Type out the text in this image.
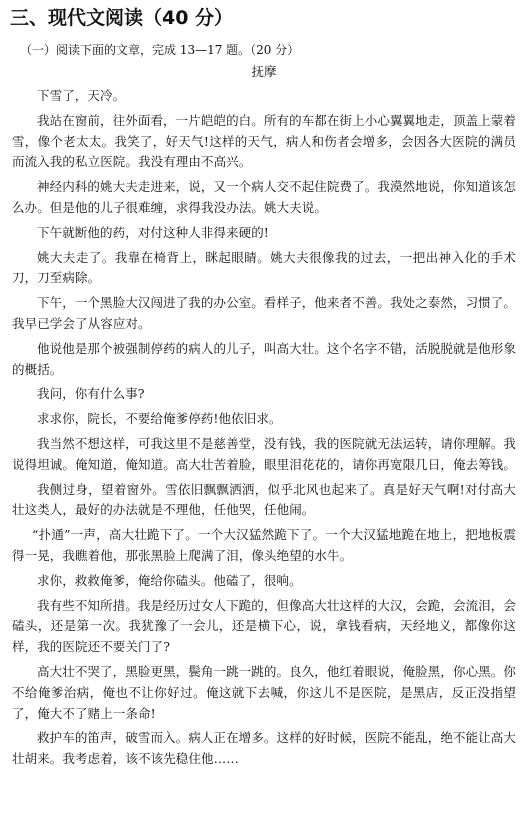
三、现代文阅读（40 分）
（一）阅读下面的文章，完成 13—17 题。（20 分）
抚摩

下雪了，天冷。

我站在窗前，往外面看，一片皑皑的白。所有的车都在街上小心翼翼地走，顶盖上蒙着雪，像个老太太。我笑了，好天气!这样的天气，病人和伤者会增多，会因各大医院的满员而流入我的私立医院。我没有理由不高兴。

神经内科的姚大夫走进来，说，又一个病人交不起住院费了。我漠然地说，你知道该怎么办。但是他的儿子很难缠，求得我没办法。姚大夫说。

下午就断他的药，对付这种人非得来硬的!

姚大夫走了。我靠在椅背上，眯起眼睛。姚大夫很像我的过去，一把出神入化的手术刀，刀至病除。

下午，一个黑脸大汉闯进了我的办公室。看样子，他来者不善。我处之泰然，习惯了。我早已学会了从容应对。

他说他是那个被强制停药的病人的儿子，叫高大壮。这个名字不错，活脱脱就是他形象的概括。

我问，你有什么事?

求求你，院长，不要给俺爹停药!他依旧求。

我当然不想这样，可我这里不是慈善堂，没有钱，我的医院就无法运转，请你理解。我说得坦诚。俺知道，俺知道。高大壮苦着脸，眼里泪花花的，请你再宽限几日，俺去筹钱。

我侧过身，望着窗外。雪依旧飘飘洒洒，似乎北风也起来了。真是好天气啊!对付高大壮这类人，最好的办法就是不理他，任他哭，任他闹。

“扑通”一声，高大壮跪下了。一个大汉猛然跪下了。一个大汉猛地跪在地上，把地板震得一晃，我瞧着他，那张黑脸上爬满了泪，像头绝望的水牛。

求你，救救俺爹，俺给你磕头。他磕了，很响。

我有些不知所措。我是经历过女人下跪的，但像高大壮这样的大汉，会跪，会流泪，会磕头，还是第一次。我犹豫了一会儿，还是横下心，说，拿钱看病，天经地义，都像你这样，我的医院还不要关门了?

高大壮不哭了，黑脸更黑，鬓角一跳一跳的。良久，他红着眼说，俺脸黑，你心黑。你不给俺爹治病，俺也不让你好过。俺这就下去喊，你这儿不是医院，是黑店，反正没指望了，俺大不了赌上一条命!

救护车的笛声，破雪而入。病人正在增多。这样的好时候，医院不能乱，绝不能让高大壮胡来。我考虑着，该不该先稳住他……
